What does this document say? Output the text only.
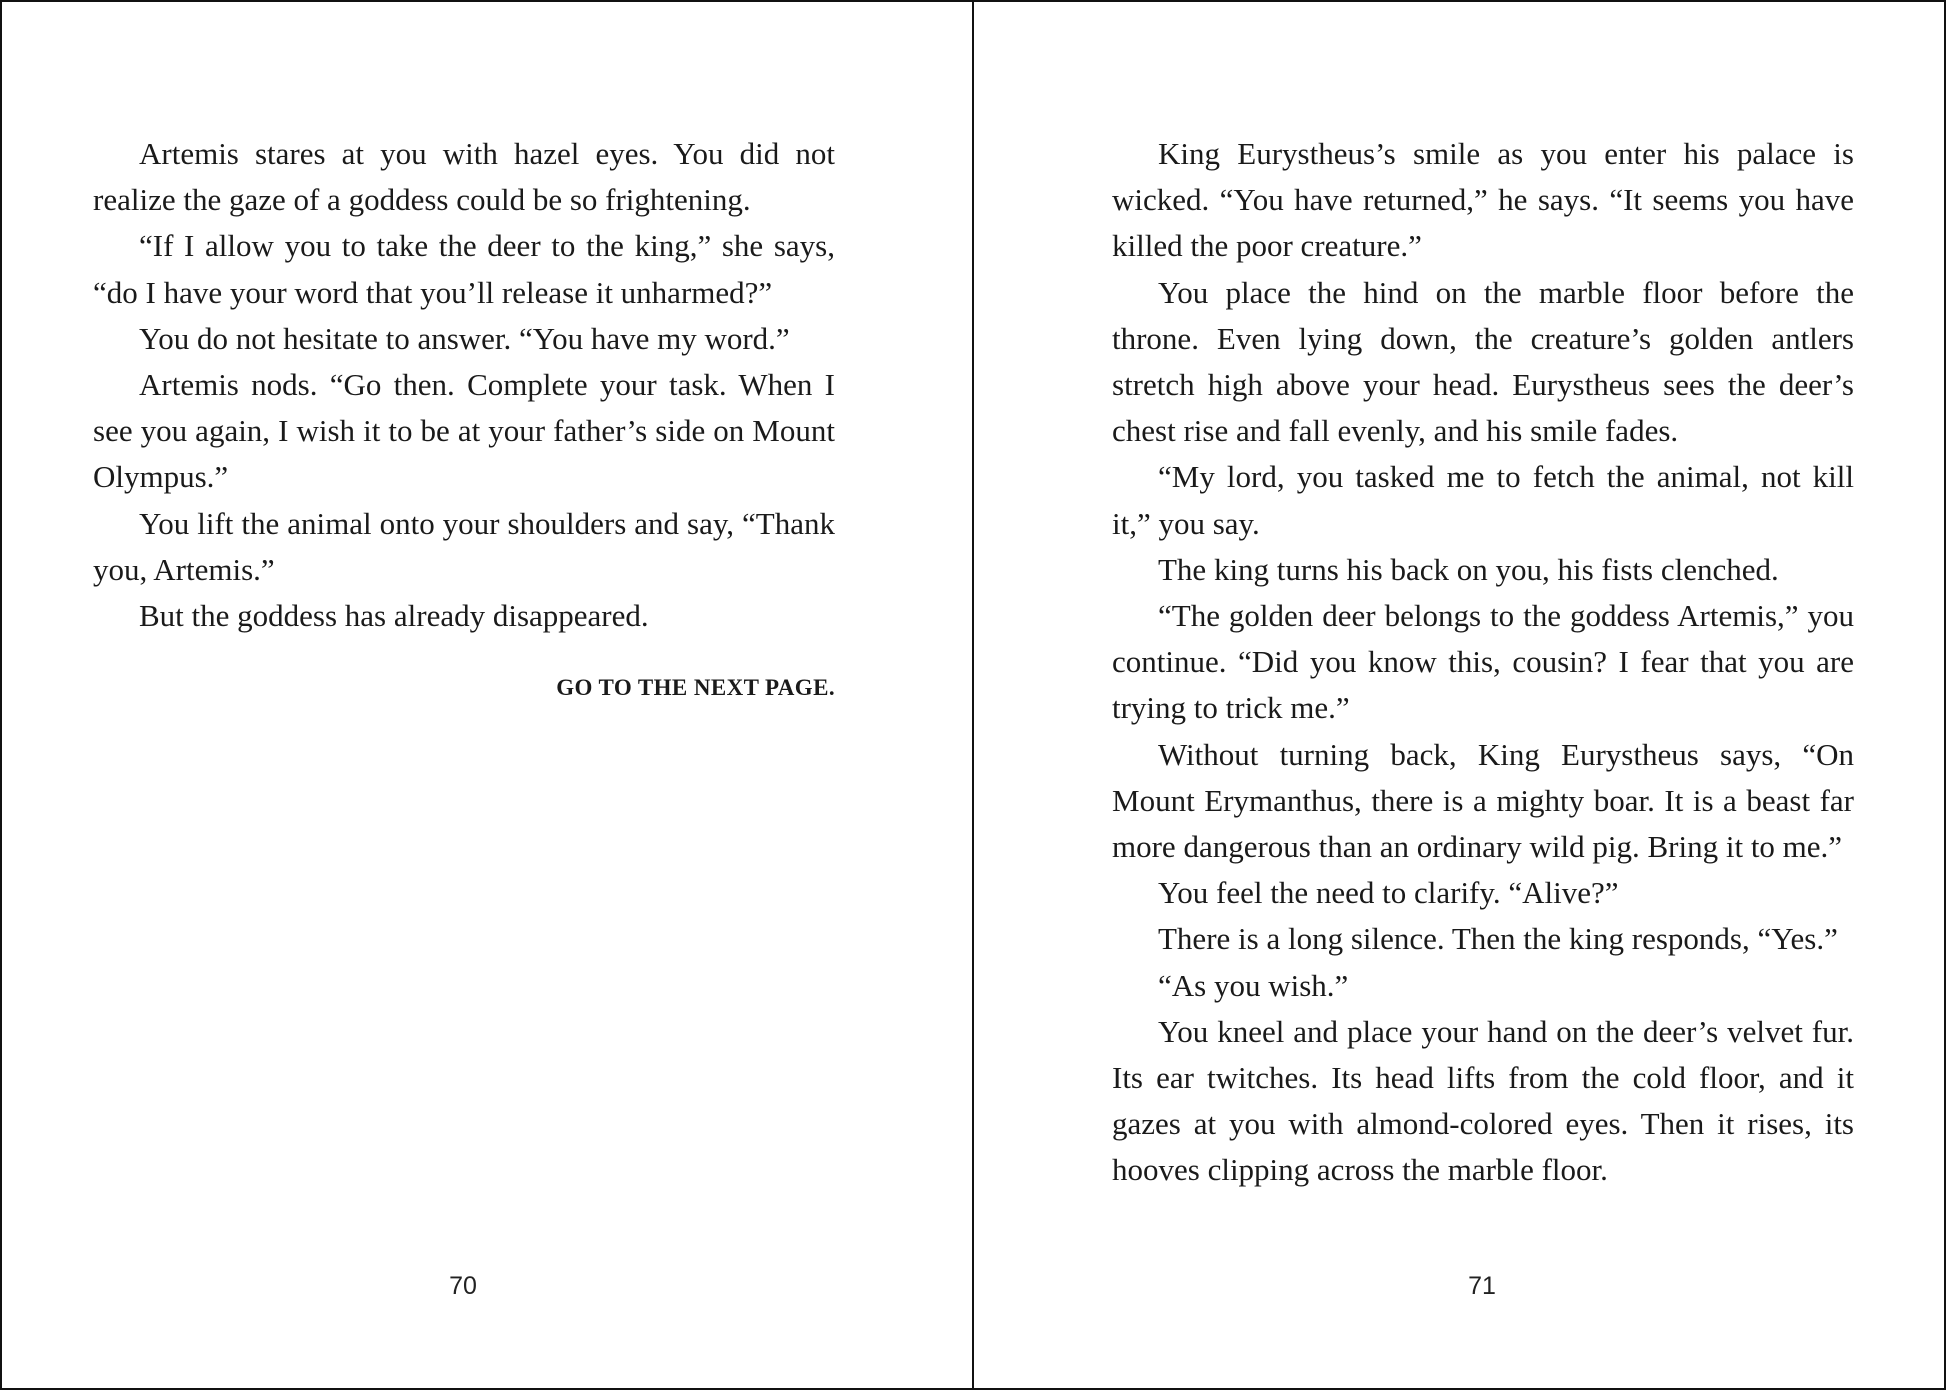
Artemis stares at you with hazel eyes. You did not realize the gaze of a goddess could be so frightening.

“If I allow you to take the deer to the king,” she says, “do I have your word that you’ll release it unharmed?”

You do not hesitate to answer. “You have my word.”

Artemis nods. “Go then. Complete your task. When I see you again, I wish it to be at your father’s side on Mount Olympus.”

You lift the animal onto your shoulders and say, “Thank you, Artemis.”

But the goddess has already disappeared.

GO TO THE NEXT PAGE.
70

King Eurystheus’s smile as you enter his palace is wicked. “You have returned,” he says. “It seems you have killed the poor creature.”

You place the hind on the marble floor before the throne. Even lying down, the creature’s golden antlers stretch high above your head. Eurystheus sees the deer’s chest rise and fall evenly, and his smile fades.

“My lord, you tasked me to fetch the animal, not kill it,” you say.

The king turns his back on you, his fists clenched.

“The golden deer belongs to the goddess Artemis,” you continue. “Did you know this, cousin? I fear that you are trying to trick me.”

Without turning back, King Eurystheus says, “On Mount Erymanthus, there is a mighty boar. It is a beast far more dangerous than an ordinary wild pig. Bring it to me.”

You feel the need to clarify. “Alive?”

There is a long silence. Then the king responds, “Yes.”

“As you wish.”

You kneel and place your hand on the deer’s velvet fur. Its ear twitches. Its head lifts from the cold floor, and it gazes at you with almond-colored eyes. Then it rises, its hooves clipping across the marble floor.

71
